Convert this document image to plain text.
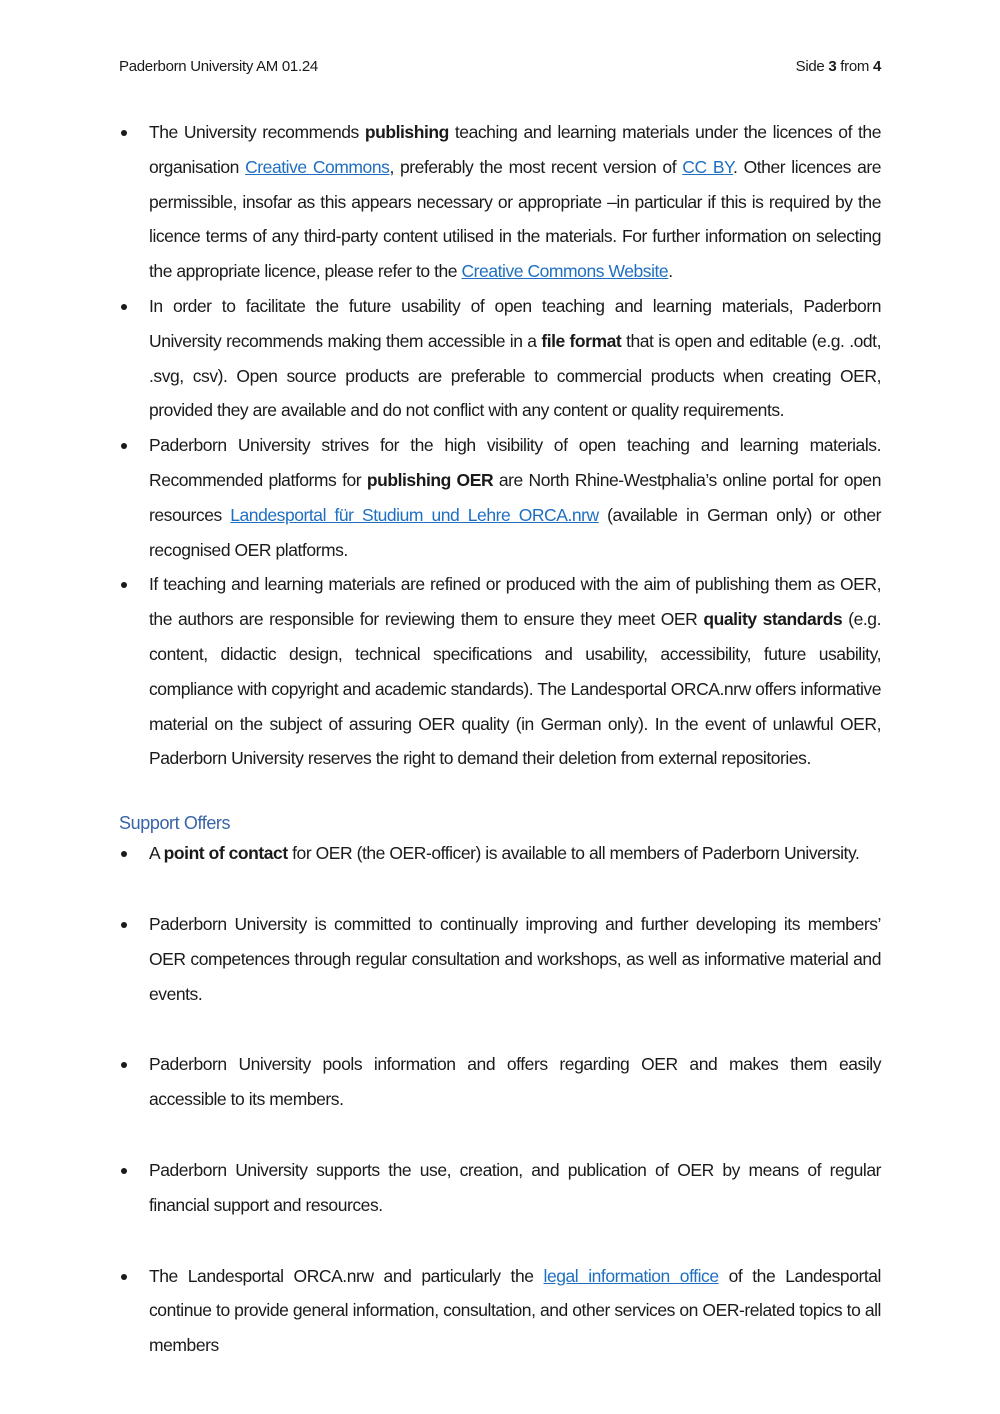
Paderborn University AM 01.24	Side 3 from 4
The University recommends publishing teaching and learning materials under the licences of the organisation Creative Commons, preferably the most recent version of CC BY. Other licences are permissible, insofar as this appears necessary or appropriate –in particular if this is required by the licence terms of any third-party content utilised in the materials. For further information on selecting the appropriate licence, please refer to the Creative Commons Website.
In order to facilitate the future usability of open teaching and learning materials, Paderborn University recommends making them accessible in a file format that is open and editable (e.g. .odt, .svg, csv). Open source products are preferable to commercial products when creating OER, provided they are available and do not conflict with any content or quality requirements.
Paderborn University strives for the high visibility of open teaching and learning materials. Recommended platforms for publishing OER are North Rhine-Westphalia’s online portal for open resources Landesportal für Studium und Lehre ORCA.nrw (available in German only) or other recognised OER platforms.
If teaching and learning materials are refined or produced with the aim of publishing them as OER, the authors are responsible for reviewing them to ensure they meet OER quality standards (e.g. content, didactic design, technical specifications and usability, accessibility, future usability, compliance with copyright and academic standards). The Landesportal ORCA.nrw offers informative material on the subject of assuring OER quality (in German only). In the event of unlawful OER, Paderborn University reserves the right to demand their deletion from external repositories.
Support Offers
A point of contact for OER (the OER-officer) is available to all members of Paderborn University.
Paderborn University is committed to continually improving and further developing its members’ OER competences through regular consultation and workshops, as well as informative material and events.
Paderborn University pools information and offers regarding OER and makes them easily accessible to its members.
Paderborn University supports the use, creation, and publication of OER by means of regular financial support and resources.
The Landesportal ORCA.nrw and particularly the legal information office of the Landesportal continue to provide general information, consultation, and other services on OER-related topics to all members
